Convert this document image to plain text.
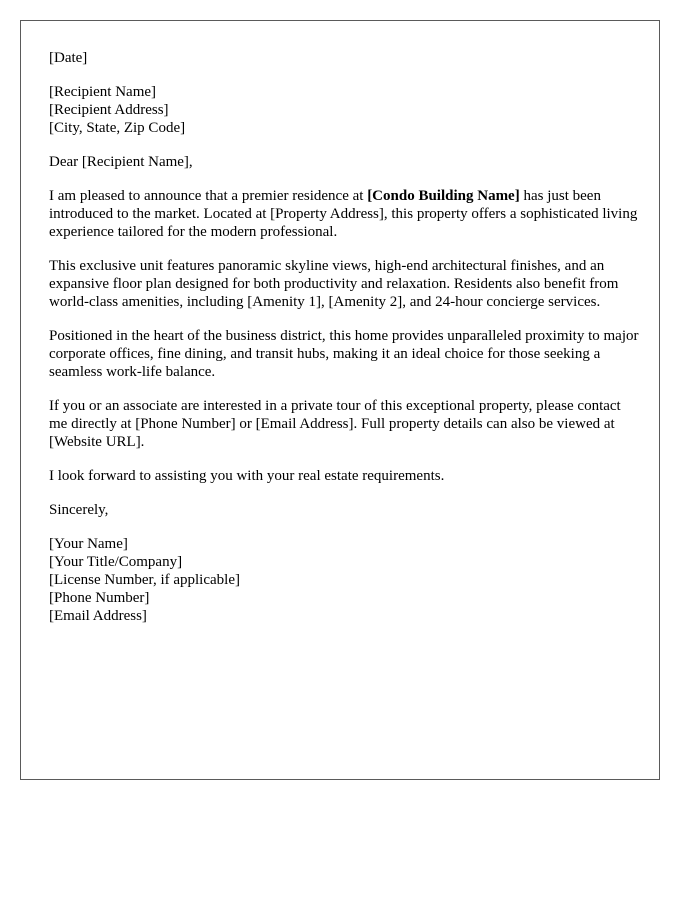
[Date]
[Recipient Name]
[Recipient Address]
[City, State, Zip Code]

Dear [Recipient Name],

I am pleased to announce that a premier residence at [Condo Building Name] has just been introduced to the market. Located at [Property Address], this property offers a sophisticated living experience tailored for the modern professional.

This exclusive unit features panoramic skyline views, high-end architectural finishes, and an expansive floor plan designed for both productivity and relaxation. Residents also benefit from world-class amenities, including [Amenity 1], [Amenity 2], and 24-hour concierge services.

Positioned in the heart of the business district, this home provides unparalleled proximity to major corporate offices, fine dining, and transit hubs, making it an ideal choice for those seeking a seamless work-life balance.

If you or an associate are interested in a private tour of this exceptional property, please contact me directly at [Phone Number] or [Email Address]. Full property details can also be viewed at [Website URL].

I look forward to assisting you with your real estate requirements.

Sincerely,

[Your Name]
[Your Title/Company]
[License Number, if applicable]
[Phone Number]
[Email Address]
